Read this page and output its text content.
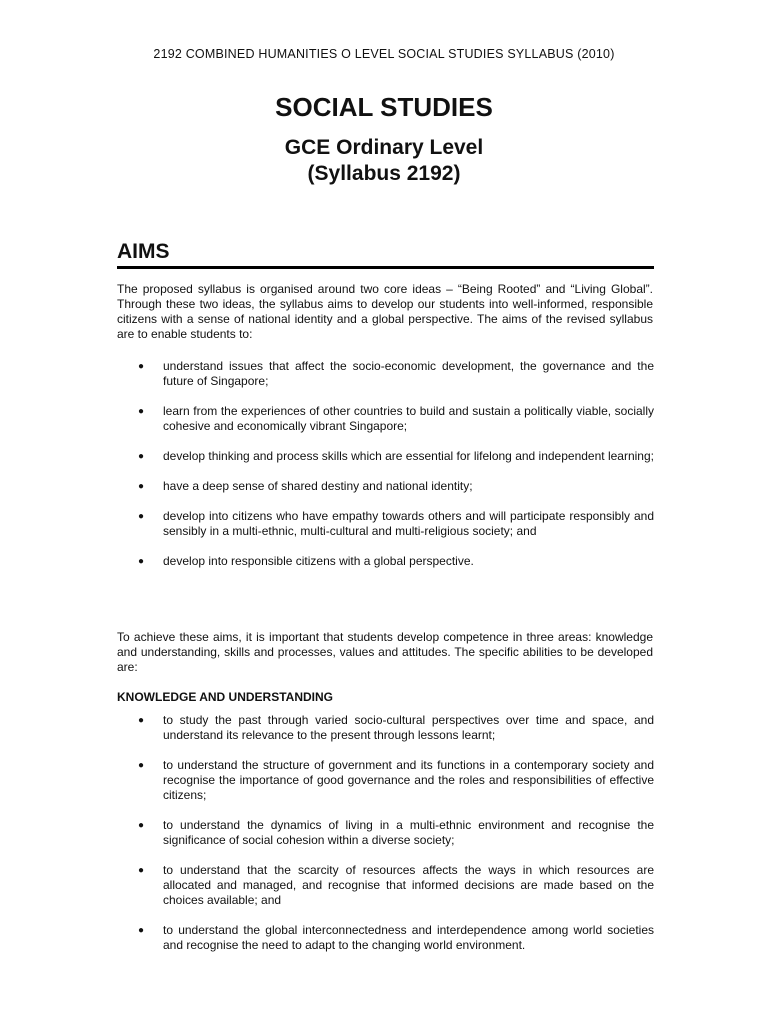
2192 COMBINED HUMANITIES O LEVEL SOCIAL STUDIES SYLLABUS (2010)
SOCIAL STUDIES
GCE Ordinary Level
(Syllabus 2192)
AIMS
The proposed syllabus is organised around two core ideas – “Being Rooted” and “Living Global”. Through these two ideas, the syllabus aims to develop our students into well-informed, responsible citizens with a sense of national identity and a global perspective. The aims of the revised syllabus are to enable students to:
● understand issues that affect the socio-economic development, the governance and the future of Singapore;
● learn from the experiences of other countries to build and sustain a politically viable, socially cohesive and economically vibrant Singapore;
● develop thinking and process skills which are essential for lifelong and independent learning;
● have a deep sense of shared destiny and national identity;
● develop into citizens who have empathy towards others and will participate responsibly and sensibly in a multi-ethnic, multi-cultural and multi-religious society; and
● develop into responsible citizens with a global perspective.
To achieve these aims, it is important that students develop competence in three areas: knowledge and understanding, skills and processes, values and attitudes. The specific abilities to be developed are:
KNOWLEDGE AND UNDERSTANDING
● to study the past through varied socio-cultural perspectives over time and space, and understand its relevance to the present through lessons learnt;
● to understand the structure of government and its functions in a contemporary society and recognise the importance of good governance and the roles and responsibilities of effective citizens;
● to understand the dynamics of living in a multi-ethnic environment and recognise the significance of social cohesion within a diverse society;
● to understand that the scarcity of resources affects the ways in which resources are allocated and managed, and recognise that informed decisions are made based on the choices available; and
● to understand the global interconnectedness and interdependence among world societies and recognise the need to adapt to the changing world environment.
